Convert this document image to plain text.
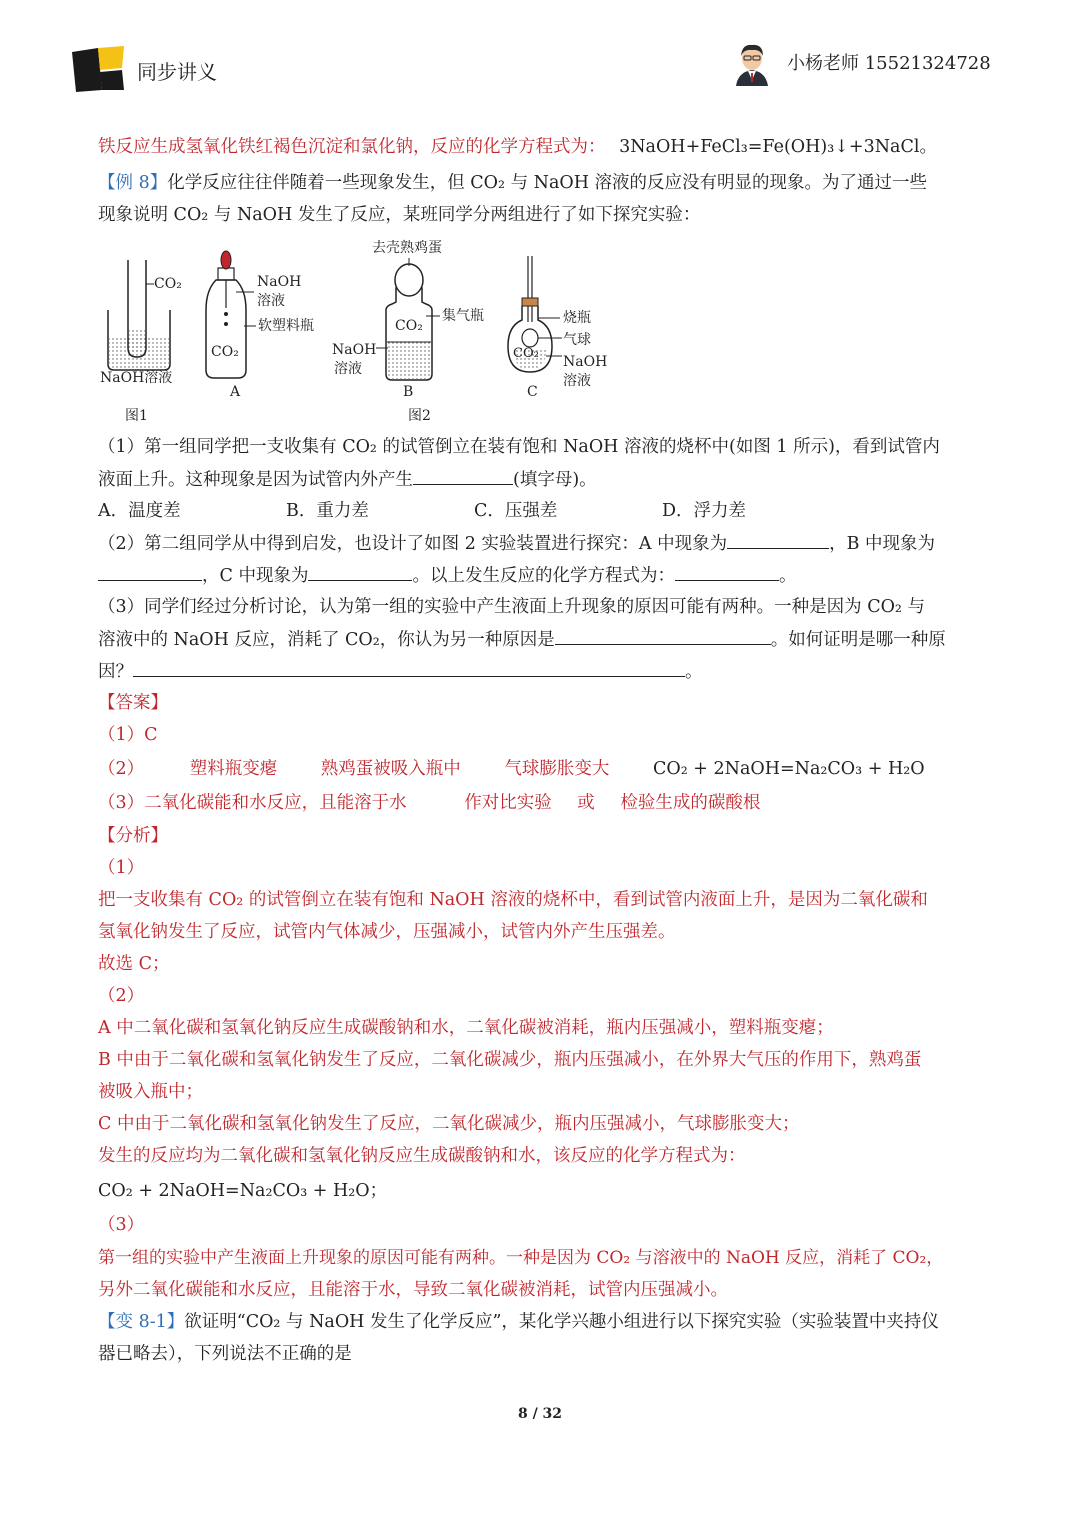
同步讲义	小杨老师 15521324728
铁反应生成氢氧化铁红褐色沉淀和氯化钠，反应的化学方程式为： 3NaOH+FeCl₃=Fe(OH)₃↓+3NaCl。
【例 8】化学反应往往伴随着一些现象发生，但 CO₂ 与 NaOH 溶液的反应没有明显的现象。为了通过一些
现象说明 CO₂ 与 NaOH 发生了反应，某班同学分两组进行了如下探究实验：
CO₂
NaOH溶液
图1
NaOH
溶液
软塑料瓶
CO₂
A
去壳熟鸡蛋
集气瓶
CO₂
NaOH
溶液
B
图2
烧瓶
气球
CO₂
NaOH
溶液
C
（1）第一组同学把一支收集有 CO₂ 的试管倒立在装有饱和 NaOH 溶液的烧杯中(如图 1 所示)，看到试管内
液面上升。这种现象是因为试管内外产生	(填字母)。
A．温度差	B．重力差	C．压强差	D．浮力差
（2）第二组同学从中得到启发，也设计了如图 2 实验装置进行探究：A 中现象为	，B 中现象为
，C 中现象为	。以上发生反应的化学方程式为：	。
（3）同学们经过分析讨论，认为第一组的实验中产生液面上升现象的原因可能有两种。一种是因为 CO₂ 与
溶液中的 NaOH 反应，消耗了 CO₂，你认为另一种原因是	。如何证明是哪一种原
因？	。
【答案】
（1）C
（2）	塑料瓶变瘪 熟鸡蛋被吸入瓶中 气球膨胀变大 CO₂ + 2NaOH=Na₂CO₃ + H₂O
（3）二氧化碳能和水反应，且能溶于水	作对比实验 或 检验生成的碳酸根
【分析】
（1）
把一支收集有 CO₂ 的试管倒立在装有饱和 NaOH 溶液的烧杯中，看到试管内液面上升，是因为二氧化碳和
氢氧化钠发生了反应，试管内气体减少，压强减小，试管内外产生压强差。
故选 C；
（2）
A 中二氧化碳和氢氧化钠反应生成碳酸钠和水，二氧化碳被消耗，瓶内压强减小，塑料瓶变瘪；
B 中由于二氧化碳和氢氧化钠发生了反应，二氧化碳减少，瓶内压强减小，在外界大气压的作用下，熟鸡蛋
被吸入瓶中；
C 中由于二氧化碳和氢氧化钠发生了反应，二氧化碳减少，瓶内压强减小，气球膨胀变大；
发生的反应均为二氧化碳和氢氧化钠反应生成碳酸钠和水，该反应的化学方程式为：
CO₂ + 2NaOH=Na₂CO₃ + H₂O；
（3）
第一组的实验中产生液面上升现象的原因可能有两种。一种是因为 CO₂ 与溶液中的 NaOH 反应，消耗了 CO₂，
另外二氧化碳能和水反应，且能溶于水，导致二氧化碳被消耗，试管内压强减小。
【变 8-1】欲证明“CO₂ 与 NaOH 发生了化学反应”，某化学兴趣小组进行以下探究实验（实验装置中夹持仪
器已略去），下列说法不正确的是
8 / 32
